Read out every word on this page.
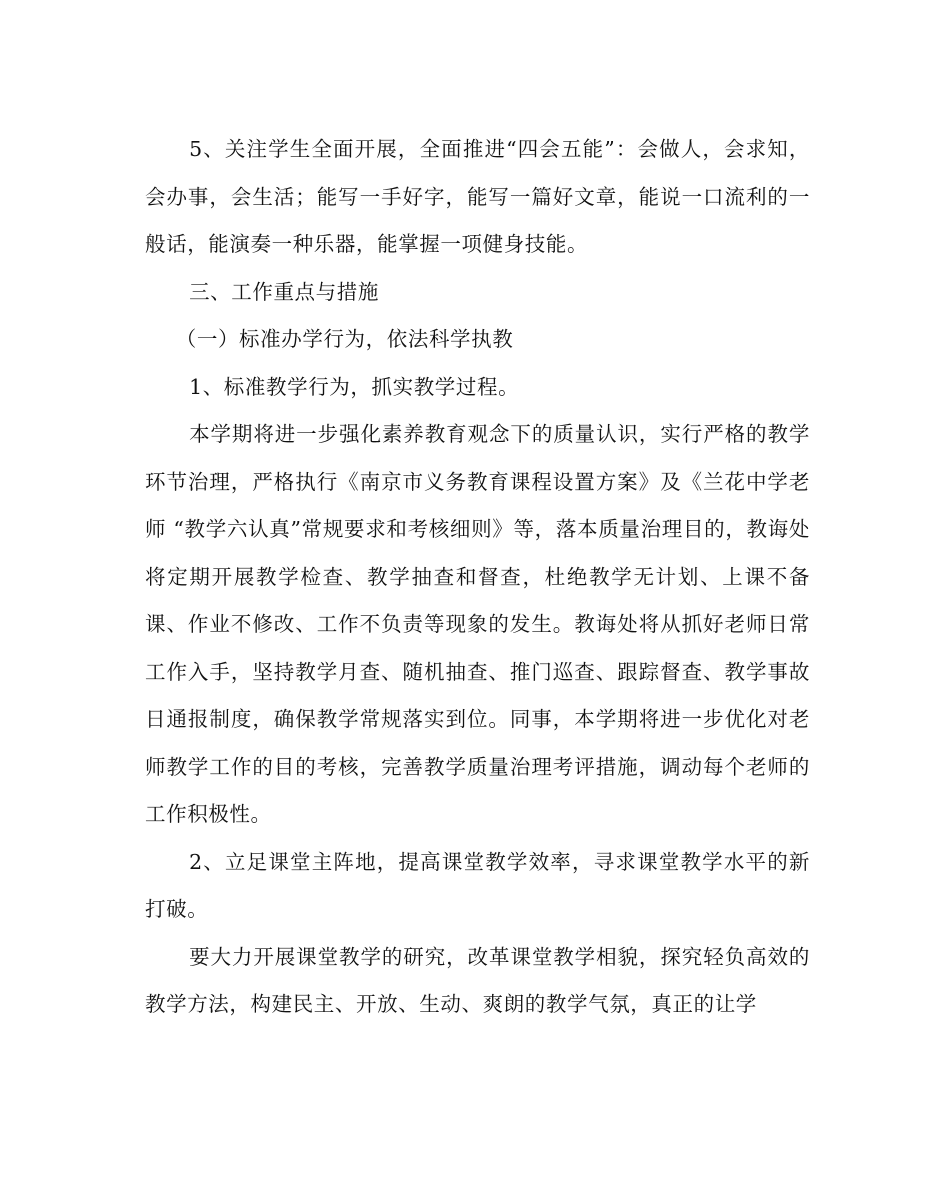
5、关注学生全面开展，全面推进“四会五能”：会做人，会求知，会办事，会生活；能写一手好字，能写一篇好文章，能说一口流利的一般话，能演奏一种乐器，能掌握一项健身技能。

三、工作重点与措施

（一）标准办学行为，依法科学执教

1、标准教学行为，抓实教学过程。

本学期将进一步强化素养教育观念下的质量认识，实行严格的教学环节治理，严格执行《南京市义务教育课程设置方案》及《兰花中学老师 “教学六认真”常规要求和考核细则》等，落本质量治理目的，教诲处将定期开展教学检查、教学抽查和督查，杜绝教学无计划、上课不备课、作业不修改、工作不负责等现象的发生。教诲处将从抓好老师日常工作入手，坚持教学月查、随机抽查、推门巡查、跟踪督查、教学事故日通报制度，确保教学常规落实到位。同事，本学期将进一步优化对老师教学工作的目的考核，完善教学质量治理考评措施，调动每个老师的工作积极性。

2、立足课堂主阵地，提高课堂教学效率，寻求课堂教学水平的新打破。

要大力开展课堂教学的研究，改革课堂教学相貌，探究轻负高效的教学方法，构建民主、开放、生动、爽朗的教学气氛，真正的让学
